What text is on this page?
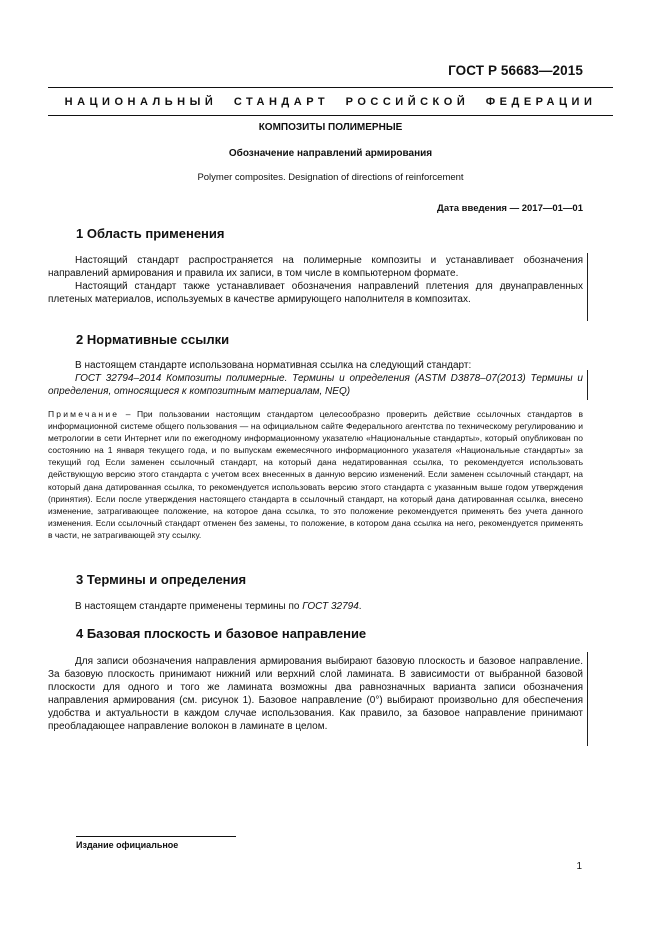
ГОСТ Р 56683—2015
НАЦИОНАЛЬНЫЙ СТАНДАРТ РОССИЙСКОЙ ФЕДЕРАЦИИ
КОМПОЗИТЫ ПОЛИМЕРНЫЕ
Обозначение направлений армирования
Polymer composites. Designation of directions of reinforcement
Дата введения — 2017—01—01
1 Область применения
Настоящий стандарт распространяется на полимерные композиты и устанавливает обозначения направлений армирования и правила их записи, в том числе в компьютерном формате.
Настоящий стандарт также устанавливает обозначения направлений плетения для двунаправленных плетеных материалов, используемых в качестве армирующего наполнителя в композитах.
2 Нормативные ссылки
В настоящем стандарте использована нормативная ссылка на следующий стандарт:
ГОСТ 32794–2014 Композиты полимерные. Термины и определения (ASTM D3878–07(2013) Термины и определения, относящиеся к композитным материалам, NEQ)
Примечание – При пользовании настоящим стандартом целесообразно проверить действие ссылочных стандартов в информационной системе общего пользования — на официальном сайте Федерального агентства по техническому регулированию и метрологии в сети Интернет или по ежегодному информационному указателю «Национальные стандарты», который опубликован по состоянию на 1 января текущего года, и по выпускам ежемесячного информационного указателя «Национальные стандарты» за текущий год Если заменен ссылочный стандарт, на который дана недатированная ссылка, то рекомендуется использовать действующую версию этого стандарта с учетом всех внесенных в данную версию изменений. Если заменен ссылочный стандарт, на который дана датированная ссылка, то рекомендуется использовать версию этого стандарта с указанным выше годом утверждения (принятия). Если после утверждения настоящего стандарта в ссылочный стандарт, на который дана датированная ссылка, внесено изменение, затрагивающее положение, на которое дана ссылка, то это положение рекомендуется применять без учета данного изменения. Если ссылочный стандарт отменен без замены, то положение, в котором дана ссылка на него, рекомендуется применять в части, не затрагивающей эту ссылку.
3 Термины и определения
В настоящем стандарте применены термины по ГОСТ 32794.
4 Базовая плоскость и базовое направление
Для записи обозначения направления армирования выбирают базовую плоскость и базовое направление. За базовую плоскость принимают нижний или верхний слой ламината. В зависимости от выбранной базовой плоскости для одного и того же ламината возможны два равнозначных варианта записи обозначения направления армирования (см. рисунок 1). Базовое направление (0°) выбирают произвольно для обеспечения удобства и актуальности в каждом случае использования. Как правило, за базовое направление принимают преобладающее направление волокон в ламинате в целом.
Издание официальное
1
